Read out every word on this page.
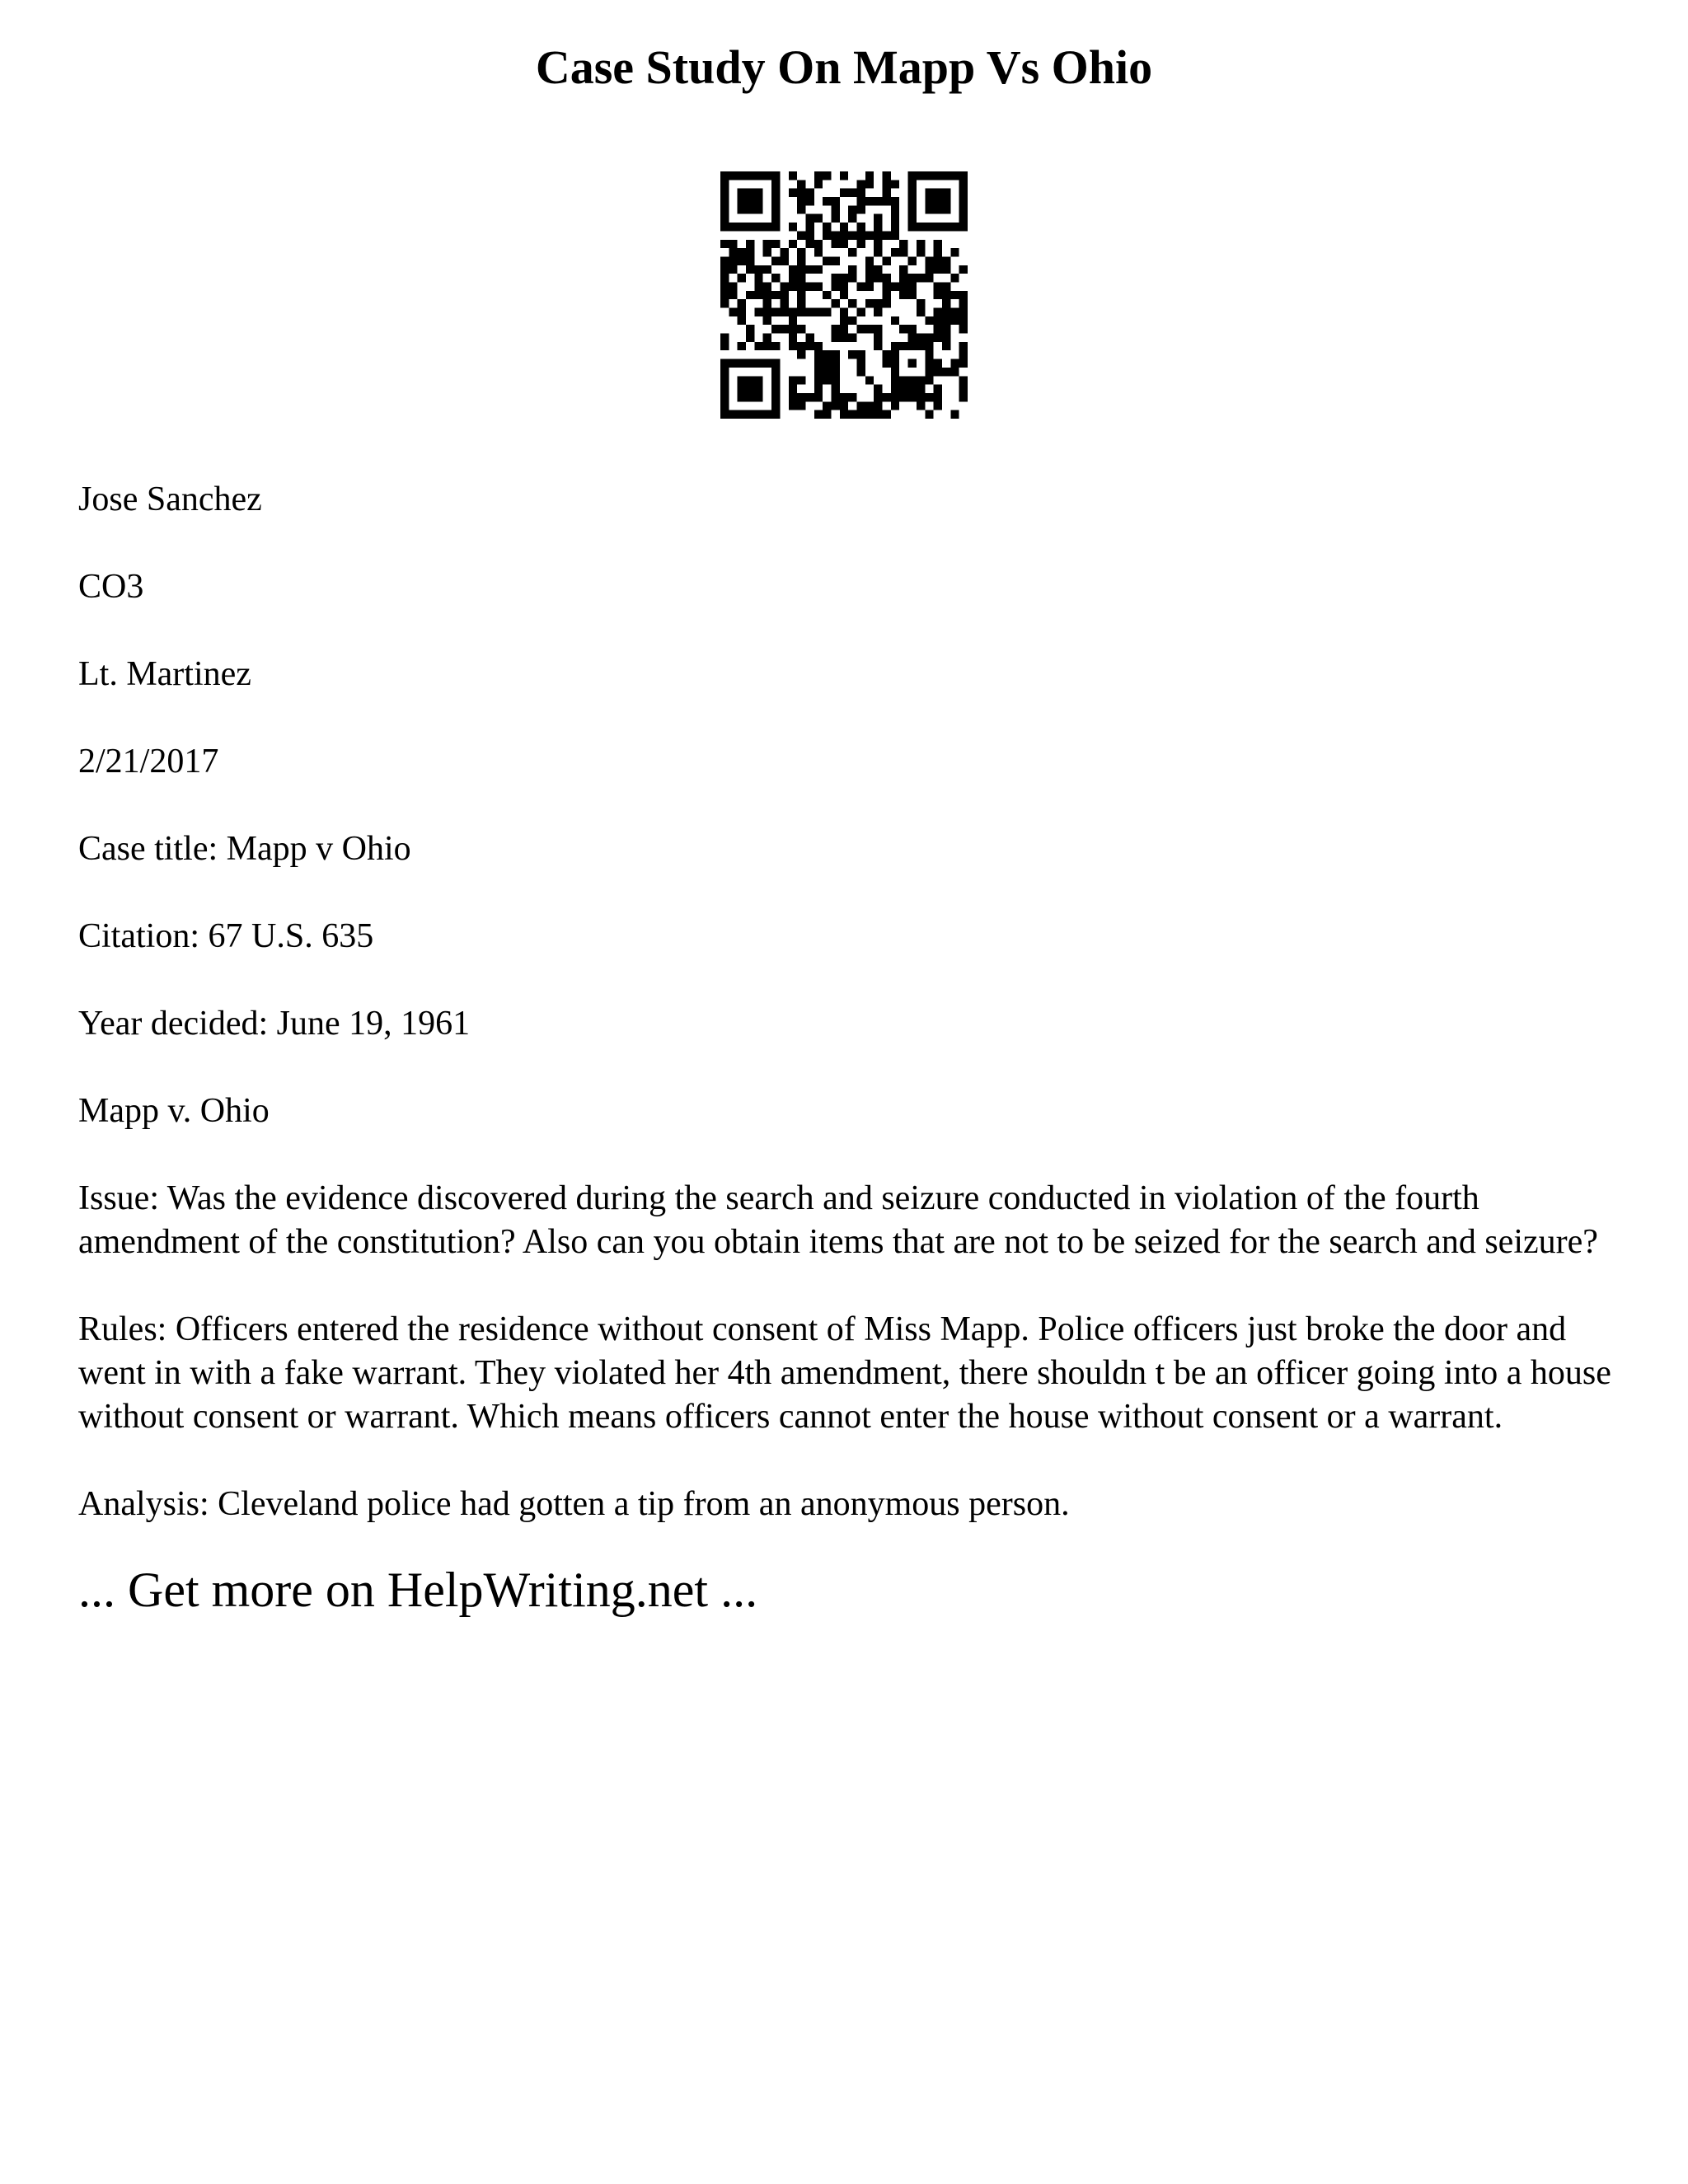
Case Study On Mapp Vs Ohio

Jose Sanchez

CO3

Lt. Martinez

2/21/2017

Case title: Mapp v Ohio

Citation: 67 U.S. 635

Year decided: June 19, 1961

Mapp v. Ohio

Issue: Was the evidence discovered during the search and seizure conducted in violation of the fourth amendment of the constitution? Also can you obtain items that are not to be seized for the search and seizure?

Rules: Officers entered the residence without consent of Miss Mapp. Police officers just broke the door and went in with a fake warrant. They violated her 4th amendment, there shouldn t be an officer going into a house without consent or warrant. Which means officers cannot enter the house without consent or a warrant.

Analysis: Cleveland police had gotten a tip from an anonymous person.

... Get more on HelpWriting.net ...
